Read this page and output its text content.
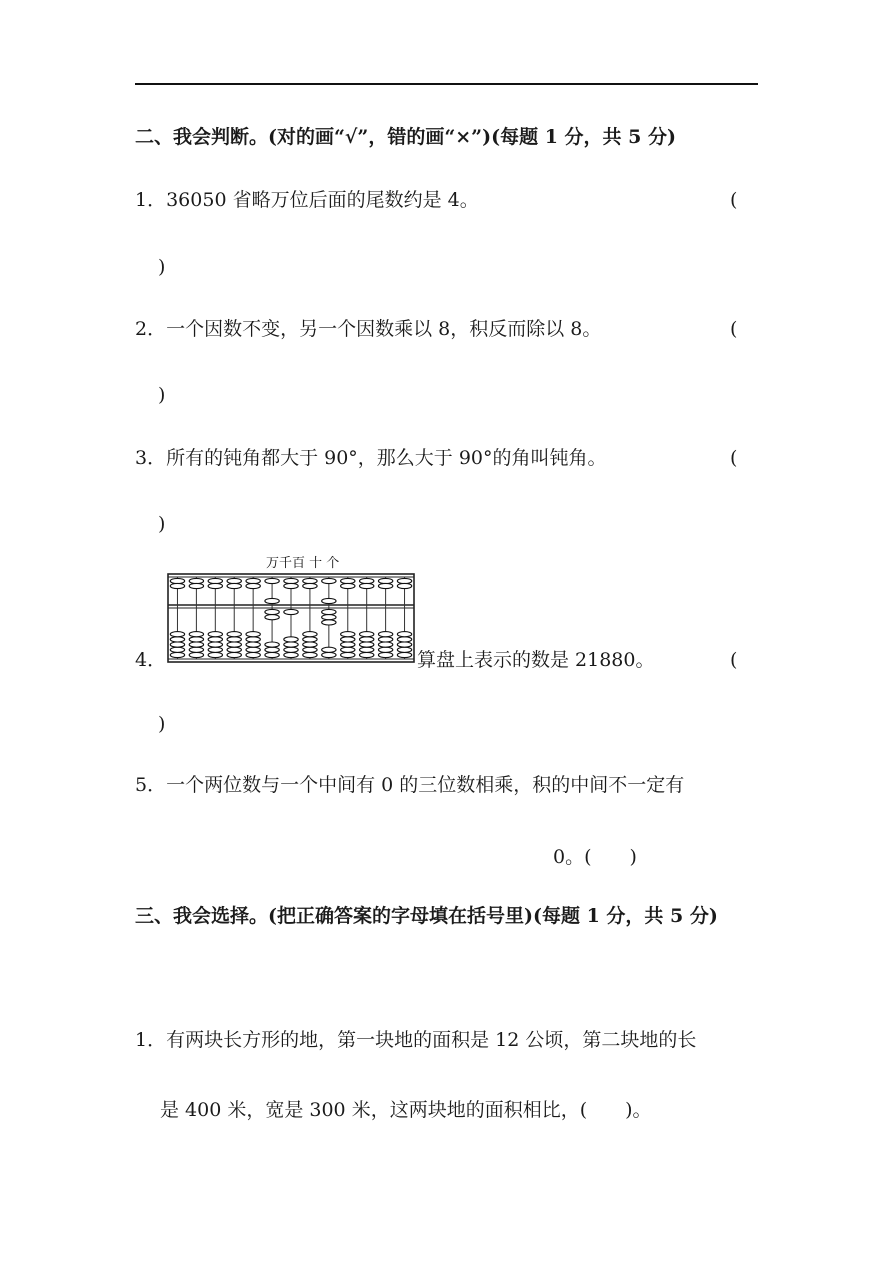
二、我会判断。(对的画“√”，错的画“×”)(每题 1 分，共 5 分)
1．36050 省略万位后面的尾数约是 4。	(
)
2．一个因数不变，另一个因数乘以 8，积反而除以 8。	(
)
3．所有的钝角都大于 90°，那么大于 90°的角叫钝角。	(
)
4．
万千百 十 个
算盘上表示的数是 21880。	(
)
5．一个两位数与一个中间有 0 的三位数相乘，积的中间不一定有
0。(　　)
三、我会选择。(把正确答案的字母填在括号里)(每题 1 分，共 5 分)
1．有两块长方形的地，第一块地的面积是 12 公顷，第二块地的长
是 400 米，宽是 300 米，这两块地的面积相比，(　　)。
